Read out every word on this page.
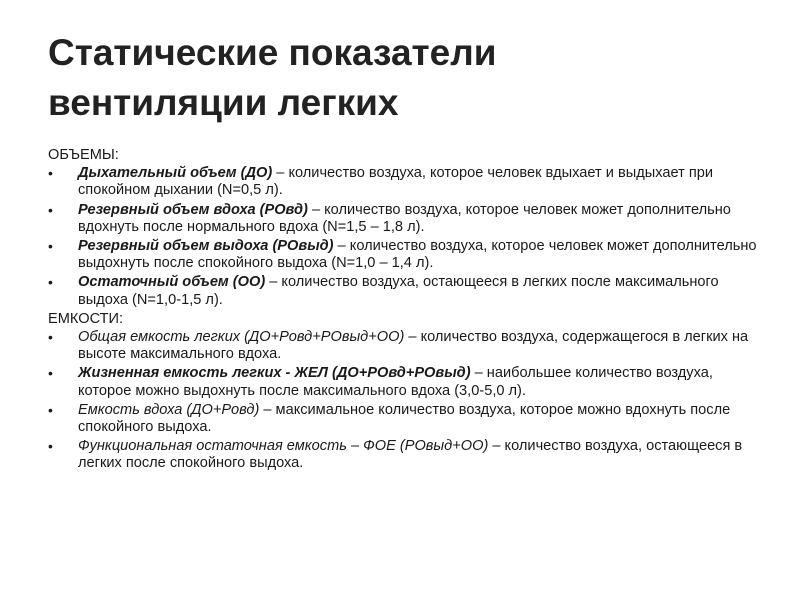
Статические показатели
вентиляции легких

ОБЪЕМЫ:

• Дыхательный объем (ДО) – количество воздуха, которое человек вдыхает и выдыхает при спокойном дыхании (N=0,5 л).
• Резервный объем вдоха (РОвд) – количество воздуха, которое человек может дополнительно вдохнуть после нормального вдоха (N=1,5 – 1,8 л).
• Резервный объем выдоха (РОвыд) – количество воздуха, которое человек может дополнительно выдохнуть после спокойного выдоха (N=1,0 – 1,4 л).
• Остаточный объем (ОО) – количество воздуха, остающееся в легких после максимального выдоха (N=1,0-1,5 л).

ЕМКОСТИ:

• Общая емкость легких (ДО+Ровд+РОвыд+ОО) – количество воздуха, содержащегося в легких на высоте максимального вдоха.
• Жизненная емкость легких - ЖЕЛ (ДО+РОвд+РОвыд) – наибольшее количество воздуха, которое можно выдохнуть после максимального вдоха (3,0-5,0 л).
• Емкость вдоха (ДО+Ровд) – максимальное количество воздуха, которое можно вдохнуть после спокойного выдоха.
• Функциональная остаточная емкость – ФОЕ (РОвыд+ОО) – количество воздуха, остающееся в легких после спокойного выдоха.
